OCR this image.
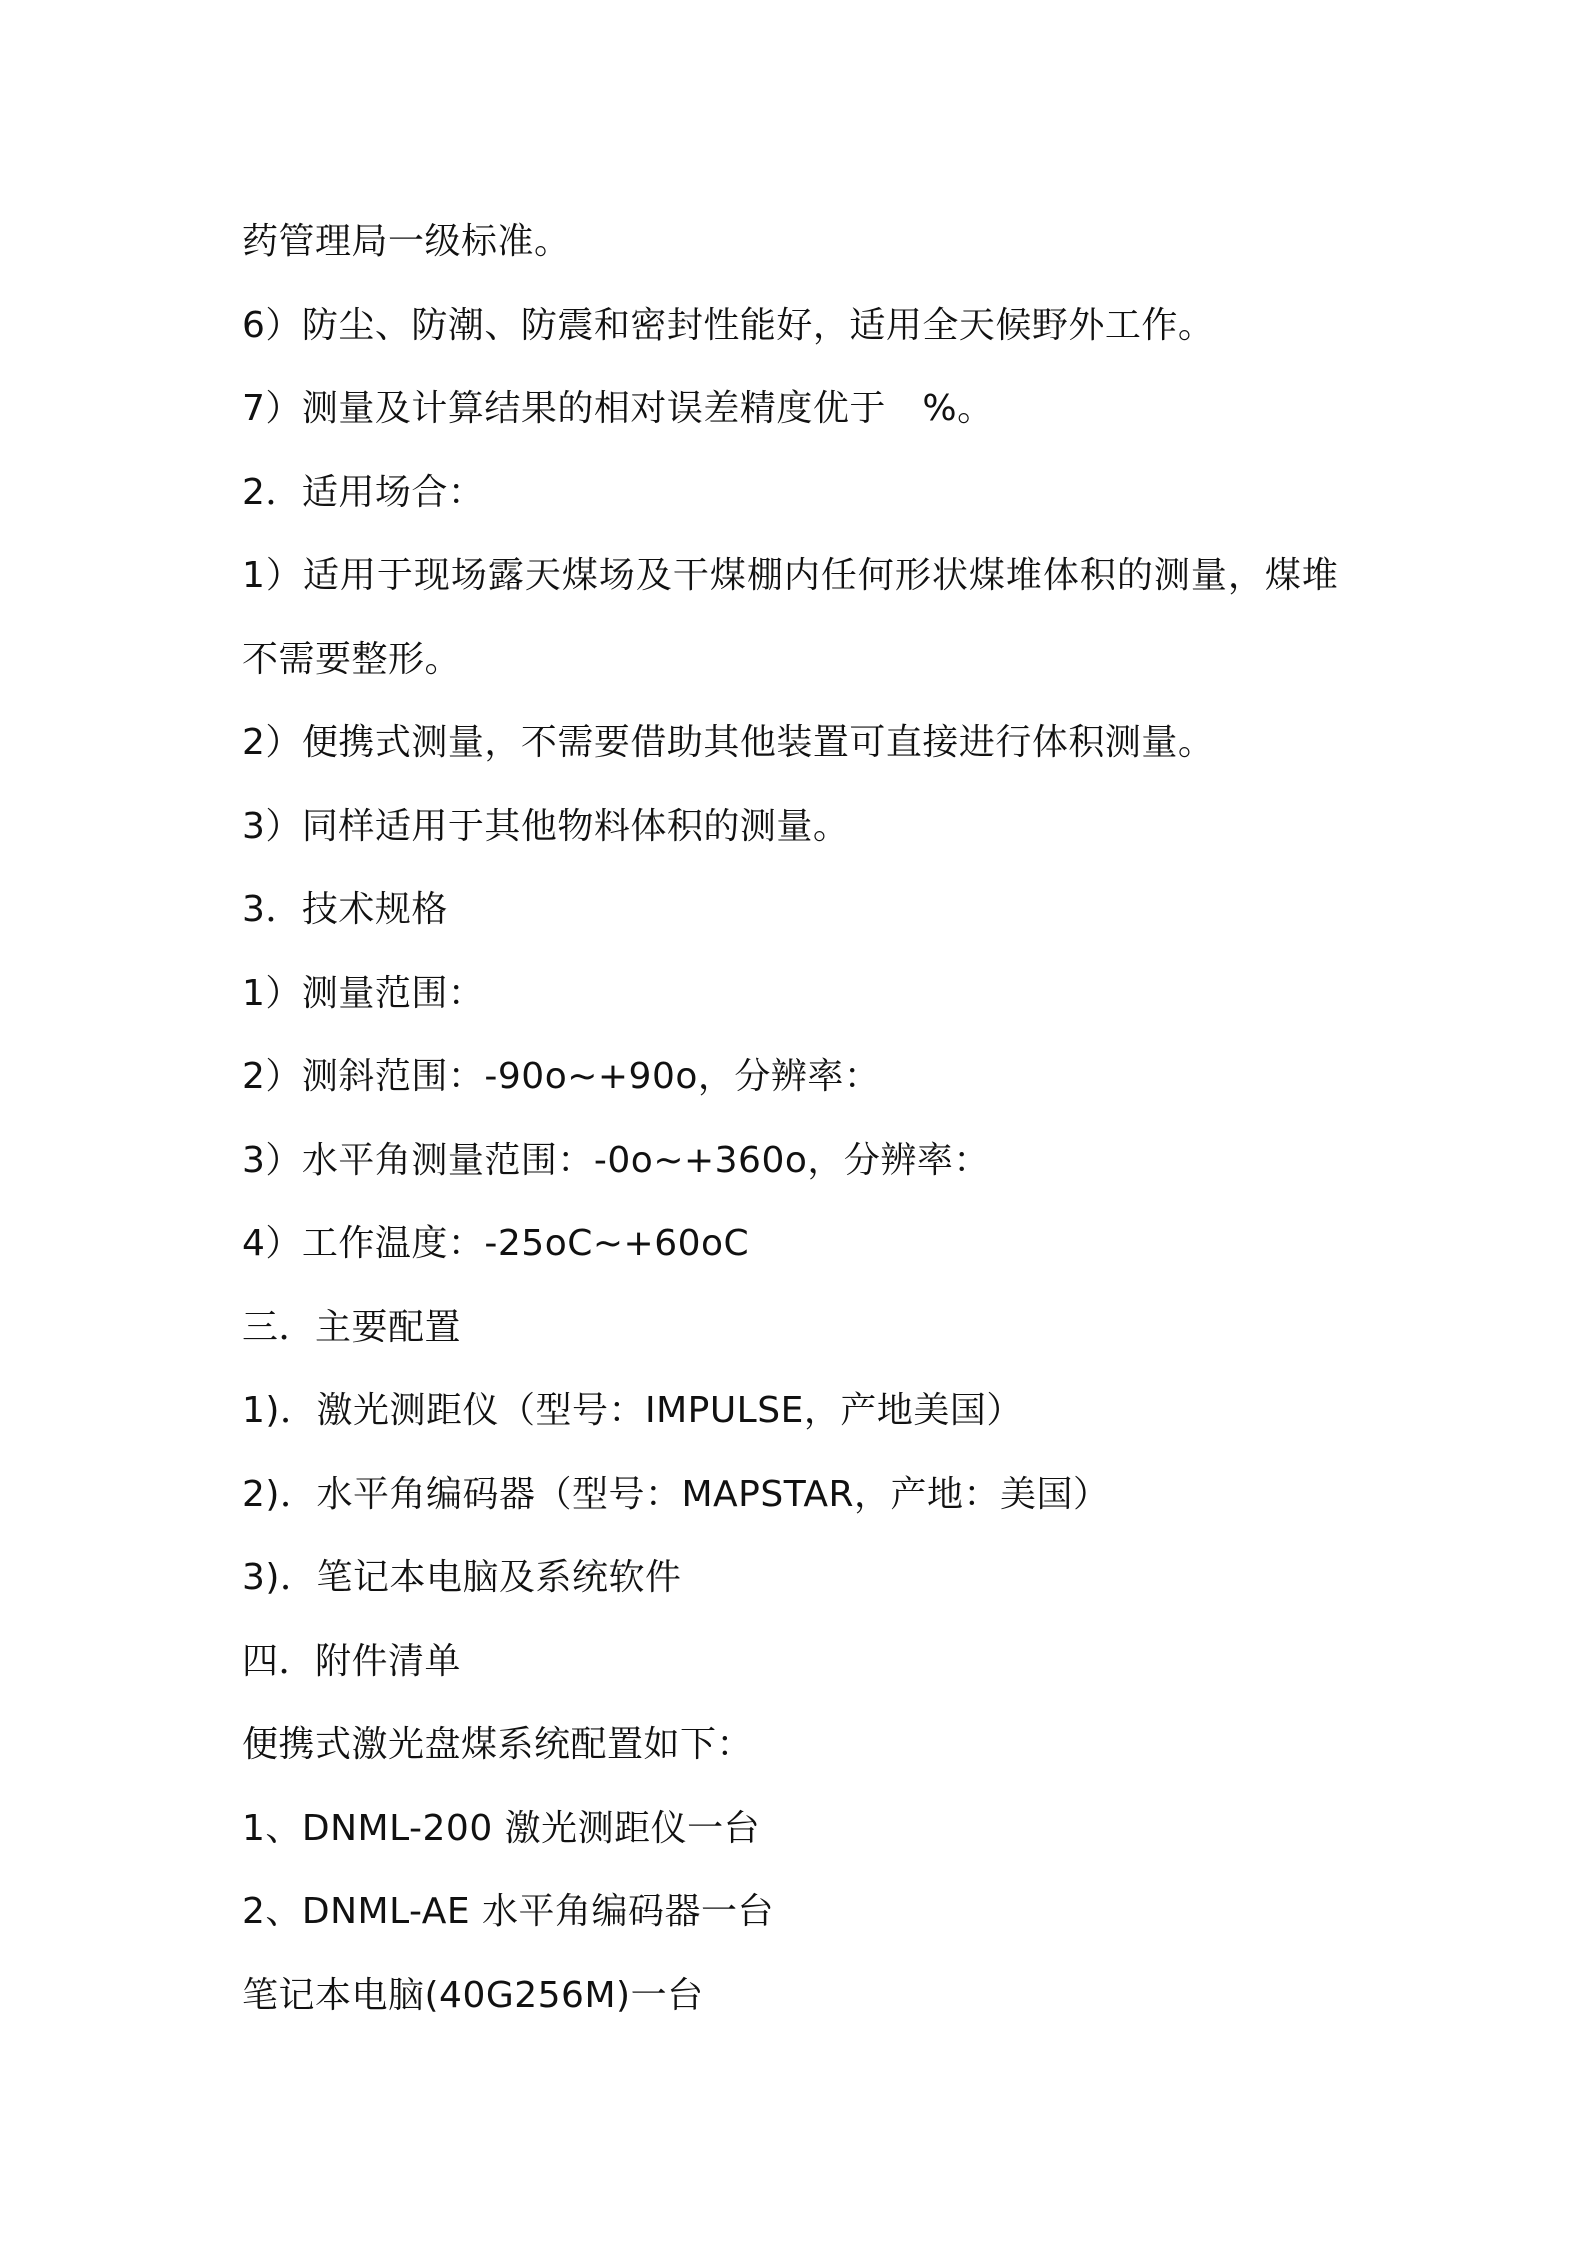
药管理局一级标准。
6）防尘、防潮、防震和密封性能好，适用全天候野外工作。
7）测量及计算结果的相对误差精度优于　%。
2．适用场合：
1）适用于现场露天煤场及干煤棚内任何形状煤堆体积的测量，煤堆
不需要整形。
2）便携式测量，不需要借助其他装置可直接进行体积测量。
3）同样适用于其他物料体积的测量。
3．技术规格
1）测量范围：
2）测斜范围：-90o~+90o，分辨率：
3）水平角测量范围：-0o~+360o，分辨率：
4）工作温度：-25oC~+60oC
三．主要配置
1)．激光测距仪（型号：IMPULSE，产地美国）
2)．水平角编码器（型号：MAPSTAR，产地：美国）
3)．笔记本电脑及系统软件
四．附件清单
便携式激光盘煤系统配置如下：
1、DNML-200 激光测距仪一台
2、DNML-AE 水平角编码器一台
笔记本电脑(40G256M)一台
